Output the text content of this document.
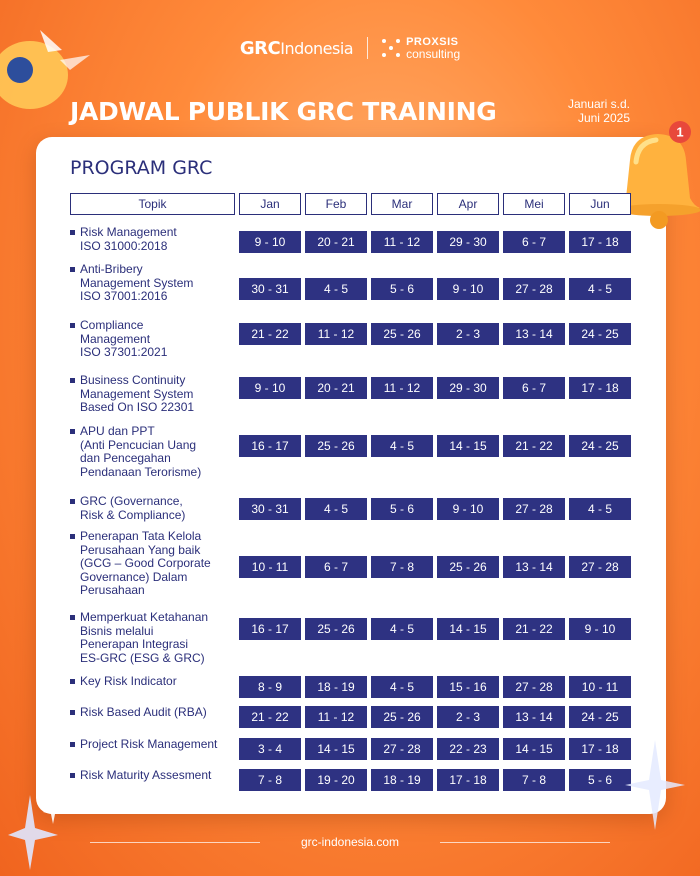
GRCIndonesia	PROXSIS
consulting
JADWAL PUBLIK GRC TRAINING	Januari s.d.
Juni 2025
1
PROGRAM GRC
Topik	Jan	Feb	Mar	Apr	Mei	Jun
Risk Management
ISO 31000:2018	9 - 10	20 - 21	11 - 12	29 - 30	6 - 7	17 - 18
Anti-Bribery
Management System
ISO 37001:2016
30 - 31	4 - 5	5 - 6	9 - 10	27 - 28	4 - 5
Compliance
Management
ISO 37301:2021
21 - 22	11 - 12	25 - 26	2 - 3	13 - 14	24 - 25
Business Continuity
Management System
Based On ISO 22301
9 - 10	20 - 21	11 - 12	29 - 30	6 - 7	17 - 18
APU dan PPT
(Anti Pencucian Uang
dan Pencegahan
Pendanaan Terorisme)
16 - 17	25 - 26	4 - 5	14 - 15	21 - 22	24 - 25
GRC (Governance,
Risk & Compliance)	30 - 31	4 - 5	5 - 6	9 - 10	27 - 28	4 - 5
Penerapan Tata Kelola
Perusahaan Yang baik
(GCG – Good Corporate
Governance) Dalam
Perusahaan
10 - 11	6 - 7	7 - 8	25 - 26	13 - 14	27 - 28
Memperkuat Ketahanan
Bisnis melalui
Penerapan Integrasi
ES-GRC (ESG & GRC)
16 - 17	25 - 26	4 - 5	14 - 15	21 - 22	9 - 10
Key Risk Indicator	8 - 9	18 - 19	4 - 5	15 - 16	27 - 28	10 - 11
Risk Based Audit (RBA)	21 - 22	11 - 12	25 - 26	2 - 3	13 - 14	24 - 25
Project Risk Management	3 - 4	14 - 15	27 - 28	22 - 23	14 - 15	17 - 18
Risk Maturity Assesment	7 - 8	19 - 20	18 - 19	17 - 18	7 - 8	5 - 6
grc-indonesia.com
